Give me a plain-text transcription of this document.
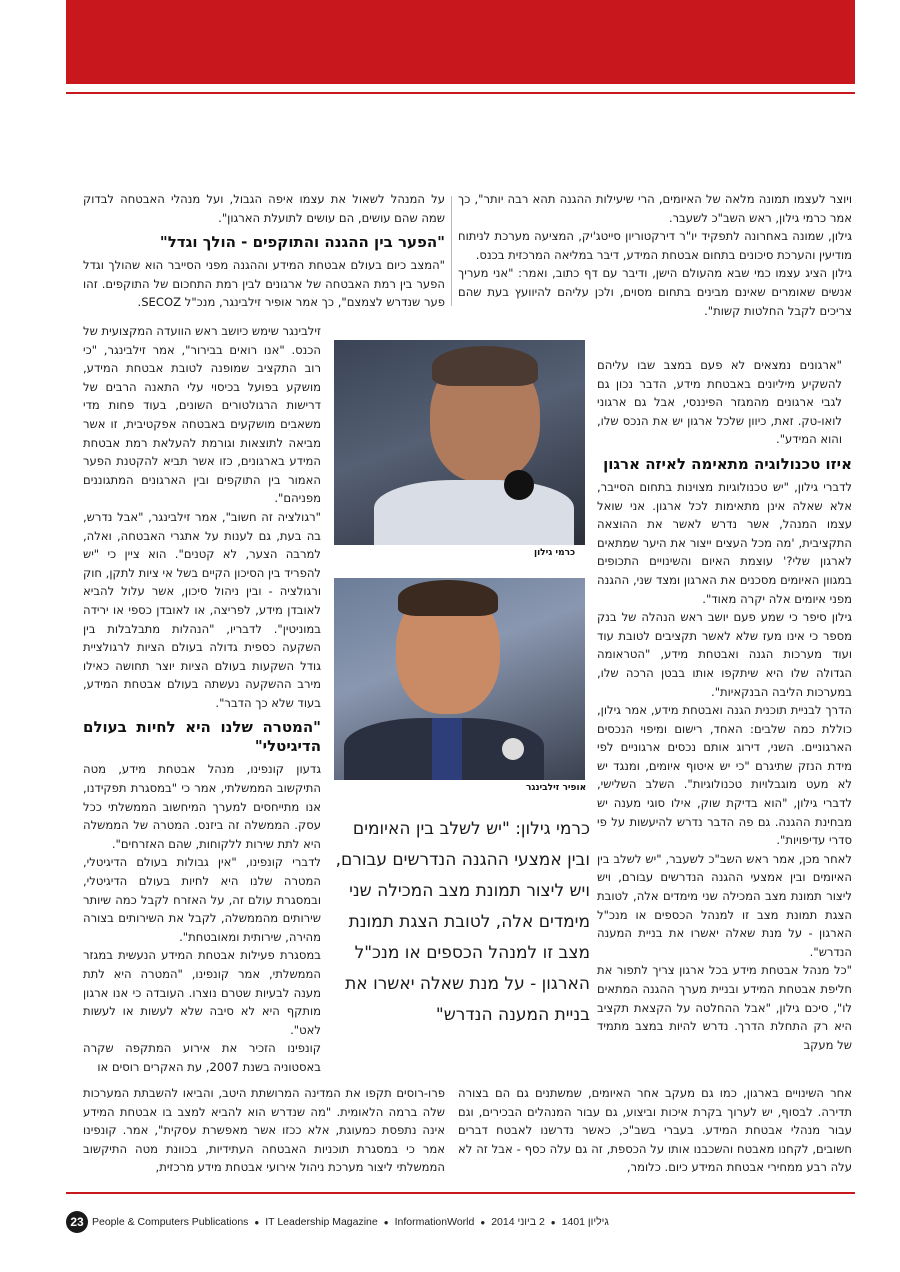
ויוצר לעצמו תמונה מלאה של האיומים, הרי שיעילות ההגנה תהא רבה יותר", כך אמר כרמי גילון, ראש השב"כ לשעבר.

גילון, שמונה באחרונה לתפקיד יו"ר דירקטוריון סייטג'יק, המציעה מערכת לניתוח מודיעין והערכת סיכונים בתחום אבטחת המידע, דיבר במליאה המרכזית בכנס.

גילון הציג עצמו כמי שבא מהעולם הישן, ודיבר עם דף כתוב, ואמר: "אני מעריך אנשים שאומרים שאינם מבינים בתחום מסוים, ולכן עליהם להיוועץ בעת שהם צריכים לקבל החלטות קשות".

"ארגונים נמצאים לא פעם במצב שבו עליהם להשקיע מיליונים באבטחת מידע, הדבר נכון גם לגבי ארגונים מהמגזר הפיננסי, אבל גם ארגוני לואו-טק. זאת, כיוון שלכל ארגון יש את הנכס שלו, והוא המידע".

איזו טכנולוגיה מתאימה לאיזה ארגון

לדברי גילון, "יש טכנולוגיות מצוינות בתחום הסייבר, אלא שאלה אינן מתאימות לכל ארגון. אני שואל עצמו המנהל, אשר נדרש לאשר את ההוצאה התקציבית, 'מה מכל העצים ייצור את היער שמתאים לארגון שלי?' עוצמת האיום והשינויים התכופים במגוון האיומים מסכנים את הארגון ומצד שני, ההגנה מפני איומים אלה יקרה מאוד".

גילון סיפר כי שמע פעם יושב ראש הנהלה של בנק מספר כי אינו מעז שלא לאשר תקציבים לטובת עוד ועוד מערכות הגנה ואבטחת מידע, "הטראומה הגדולה שלו היא שיתקפו אותו בבטן הרכה שלו, במערכות הליבה הבנקאיות".

הדרך לבניית תוכנית הגנה ואבטחת מידע, אמר גילון, כוללת כמה שלבים: האחד, רישום ומיפוי הנכסים הארגוניים. השני, דירוג אותם נכסים ארגוניים לפי מידת הנזק שתיגרם "כי יש איטוף איומים, ומנגד יש לא מעט מוגבלויות טכנולוגיות". השלב השלישי, לדברי גילון, "הוא בדיקת שוק, אילו סוגי מענה יש מבחינת ההגנה. גם פה הדבר נדרש להיעשות על פי סדרי עדיפויות".

לאחר מכן, אמר ראש השב"כ לשעבר, "יש לשלב בין האיומים ובין אמצעי ההגנה הנדרשים עבורם, ויש ליצור תמונת מצב המכילה שני מימדים אלה, לטובת הצגת תמונת מצב זו למנהל הכספים או מנכ"ל הארגון - על מנת שאלה יאשרו את בניית המענה הנדרש".

"כל מנהל אבטחת מידע בכל ארגון צריך לתפור את חליפת אבטחת המידע ובניית מערך ההגנה המתאים לו", סיכם גילון, "אבל ההחלטה על הקצאת תקציב היא רק התחלת הדרך. נדרש להיות במצב מתמיד של מעקב

על המנהל לשאול את עצמו איפה הגבול, ועל מנהלי האבטחה לבדוק שמה שהם עושים, הם עושים לתועלת הארגון".

"הפער בין ההגנה והתוקפים - הולך וגדל"

"המצב כיום בעולם אבטחת המידע וההגנה מפני הסייבר הוא שהולך וגדל הפער בין רמת האבטחה של ארגונים לבין רמת התחכום של התוקפים. זהו פער שנדרש לצמצם", כך אמר אופיר זילבינגר, מנכ"ל SECOZ.

זילבינגר שימש כיושב ראש הוועדה המקצועית של הכנס. "אנו רואים בבירור", אמר זילבינגר, "כי רוב התקציב שמופנה לטובת אבטחת המידע, מושקע בפועל בכיסוי עלי התאנה הרבים של דרישות הרגולטורים השונים, בעוד פחות מדי משאבים מושקעים באבטחה אפקטיבית, זו אשר מביאה לתוצאות וגורמת להעלאת רמת אבטחת המידע בארגונים, כזו אשר תביא להקטנת הפער האמור בין התוקפים ובין הארגונים המתגוננים מפניהם".

"רגולציה זה חשוב", אמר זילבינגר, "אבל נדרש, בה בעת, גם לענות על אתגרי האבטחה, ואלה, למרבה הצער, לא קטנים". הוא ציין כי "יש להפריד בין הסיכון הקיים בשל אי ציות לתקן, חוק ורגולציה - ובין ניהול סיכון, אשר עלול להביא לאובדן מידע, לפריצה, או לאובדן כספי או ירידה במוניטין". לדבריו, "הנהלות מתבלבלות בין השקעה כספית גדולה בעולם הציות לרגולציית גודל השקעות בעולם הציות יוצר תחושה כאילו מירב ההשקעה נעשתה בעולם אבטחת המידע, בעוד שלא כך הדבר".

"המטרה שלנו היא לחיות בעולם הדיגיטלי"

גדעון קונפינו, מנהל אבטחת מידע, מטה התיקשוב הממשלתי, אמר כי "במסגרת תפקידנו, אנו מתייחסים למערך המיחשוב הממשלתי ככל עסק. הממשלה זה ביזנס. המטרה של הממשלה היא לתת שירות ללקוחות, שהם האזרחים".

לדברי קונפינו, "אין גבולות בעולם הדיגיטלי, המטרה שלנו היא לחיות בעולם הדיגיטלי, ובמסגרת עולם זה, על האזרח לקבל כמה שיותר שירותים מהממשלה, לקבל את השירותים בצורה מהירה, שירותית ומאובטחת".

במסגרת פעילות אבטחת המידע הנעשית במגזר הממשלתי, אמר קונפינו, "המטרה היא לתת מענה לבעיות שטרם נוצרו. העובדה כי אנו ארגון מותקף היא לא סיבה שלא לעשות או לעשות לאט".

קונפינו הזכיר את אירוע המתקפה שקרה באסטוניה בשנת 2007, עת האקרים רוסים או

כרמי גילון
אופיר זילבינגר
כרמי גילון: "יש לשלב בין האיומים ובין אמצעי ההגנה הנדרשים עבורם, ויש ליצור תמונת מצב המכילה שני מימדים אלה, לטובת הצגת תמונת מצב זו למנהל הכספים או מנכ"ל הארגון - על מנת שאלה יאשרו את בניית המענה הנדרש"
פרו-רוסים תקפו את המדינה המרושתת היטב, והביאו להשבתת המערכות שלה ברמה הלאומית. "מה שנדרש הוא להביא למצב בו אבטחת המידע אינה נתפסת כמעוגת, אלא ככזו אשר מאפשרת עסקית", אמר. קונפינו אמר כי במסגרת תוכניות האבטחה העתידיות, בכוונת מטה התיקשוב הממשלתי ליצור מערכת ניהול אירועי אבטחת מידע מרכזית,
אחר השינויים בארגון, כמו גם מעקב אחר האיומים, שמשתנים גם הם בצורה תדירה. לבסוף, יש לערוך בקרת איכות וביצוע, גם עבור המנהלים הבכירים, וגם עבור מנהלי אבטחת המידע. בעברי בשב"כ, כאשר נדרשנו לאבטח דברים חשובים, לקחנו מאבטח והשכבנו אותו על הכספת, זה גם עלה כסף - אבל זה לא עלה רבע ממחירי אבטחת המידע כיום. כלומר,
23 People & Computers Publications ● IT Leadership Magazine ● InformationWorld ● 2 ביוני 2014 ● גיליון 1401
